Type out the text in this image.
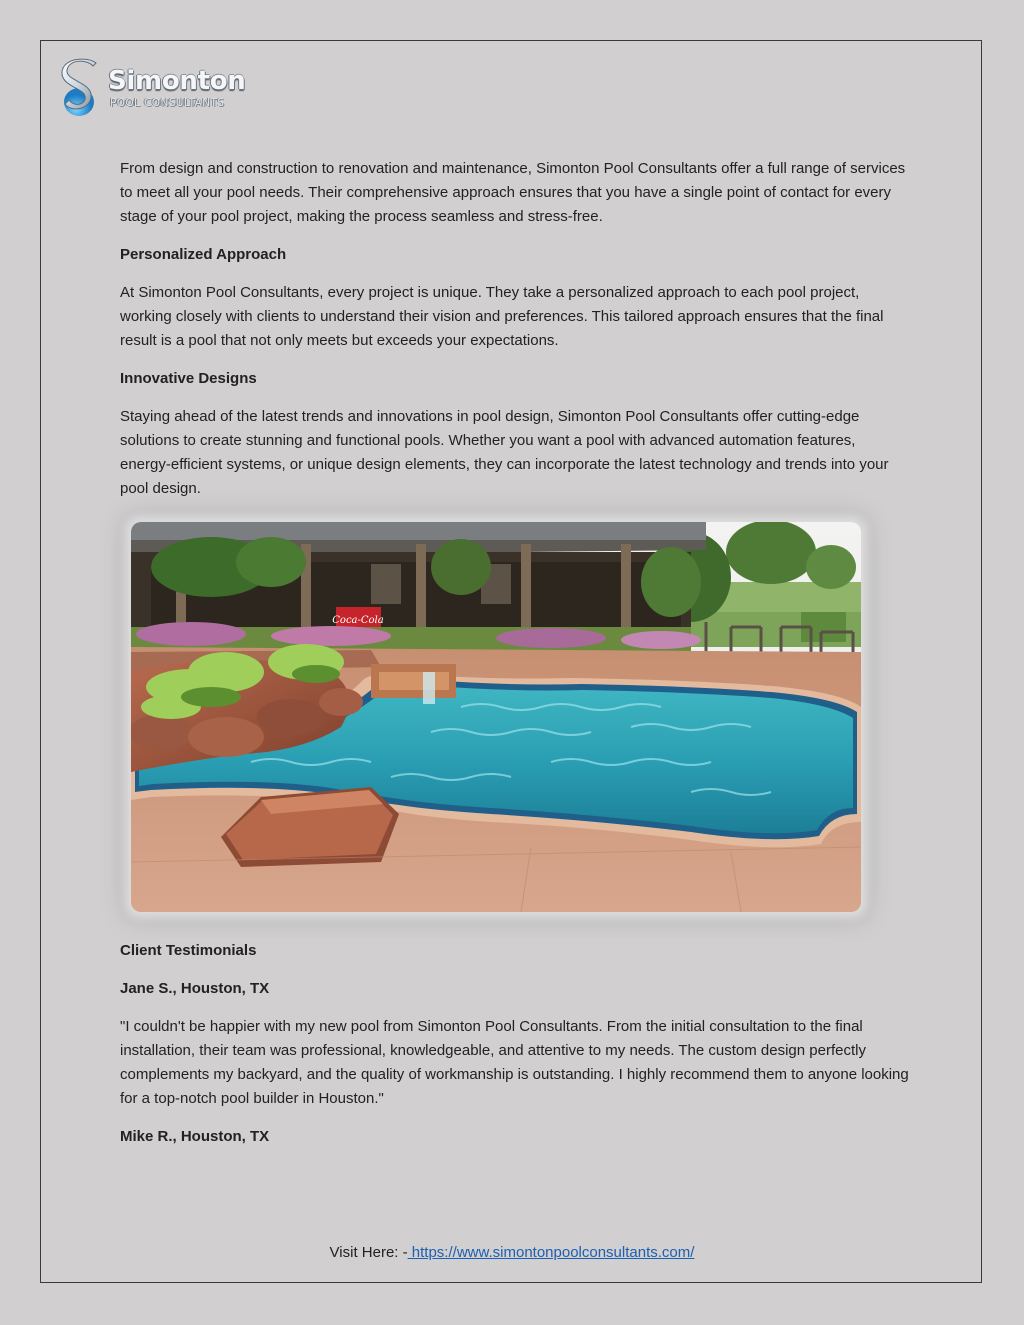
Simonton
POOL CONSULTANTS

From design and construction to renovation and maintenance, Simonton Pool Consultants offer a full range of services to meet all your pool needs. Their comprehensive approach ensures that you have a single point of contact for every stage of your pool project, making the process seamless and stress-free.

Personalized Approach

At Simonton Pool Consultants, every project is unique. They take a personalized approach to each pool project, working closely with clients to understand their vision and preferences. This tailored approach ensures that the final result is a pool that not only meets but exceeds your expectations.

Innovative Designs

Staying ahead of the latest trends and innovations in pool design, Simonton Pool Consultants offer cutting-edge solutions to create stunning and functional pools. Whether you want a pool with advanced automation features, energy-efficient systems, or unique design elements, they can incorporate the latest technology and trends into your pool design.

Coca-Cola

Client Testimonials

Jane S., Houston, TX

"I couldn't be happier with my new pool from Simonton Pool Consultants. From the initial consultation to the final installation, their team was professional, knowledgeable, and attentive to my needs. The custom design perfectly complements my backyard, and the quality of workmanship is outstanding. I highly recommend them to anyone looking for a top-notch pool builder in Houston."

Mike R., Houston, TX

Visit Here: - https://www.simontonpoolconsultants.com/
